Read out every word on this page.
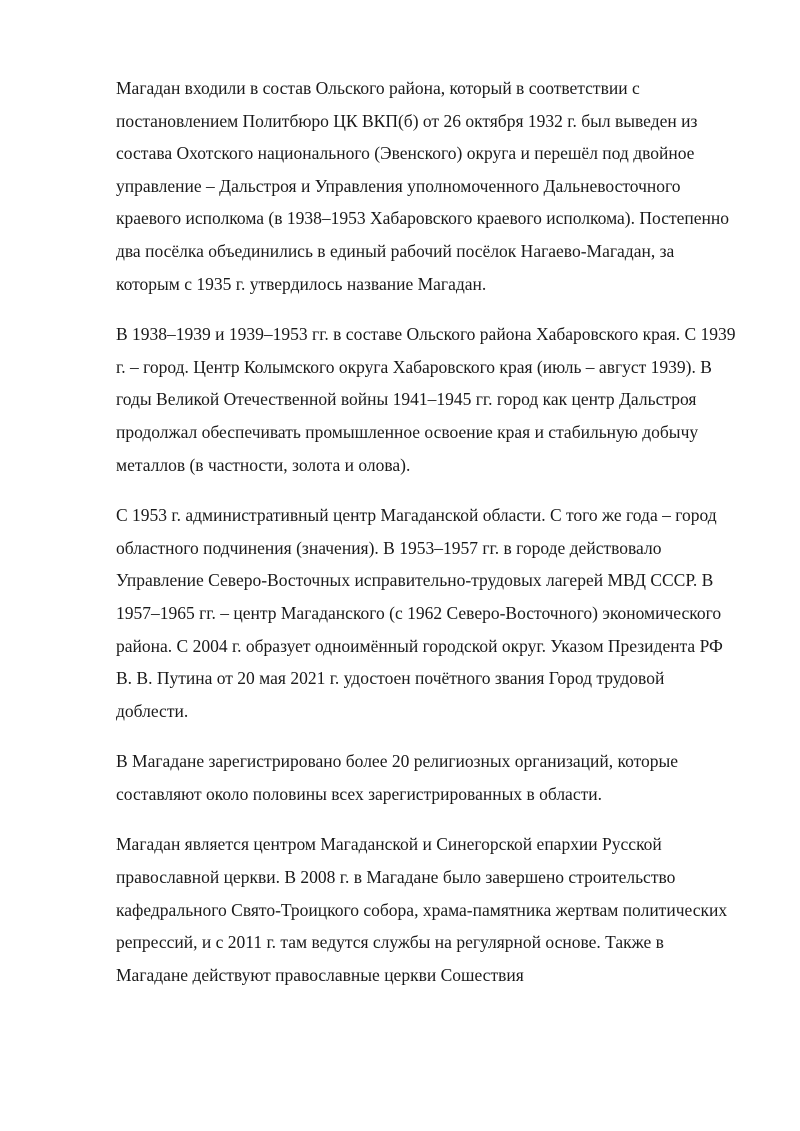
Магадан входили в состав Ольского района, который в соответствии с постановлением Политбюро ЦК ВКП(б) от 26 октября 1932 г. был выведен из состава Охотского национального (Эвенского) округа и перешёл под двойное управление – Дальстроя и Управления уполномоченного Дальневосточного краевого исполкома (в 1938–1953 Хабаровского краевого исполкома). Постепенно два посёлка объединились в единый рабочий посёлок Нагаево-Магадан, за которым с 1935 г. утвердилось название Магадан.

В 1938–1939 и 1939–1953 гг. в составе Ольского района Хабаровского края. С 1939 г. – город. Центр Колымского округа Хабаровского края (июль – август 1939). В годы Великой Отечественной войны 1941–1945 гг. город как центр Дальстроя продолжал обеспечивать промышленное освоение края и стабильную добычу металлов (в частности, золота и олова).

С 1953 г. административный центр Магаданской области. С того же года – город областного подчинения (значения). В 1953–1957 гг. в городе действовало Управление Северо-Восточных исправительно-трудовых лагерей МВД СССР. В 1957–1965 гг. – центр Магаданского (с 1962 Северо-Восточного) экономического района. С 2004 г. образует одноимённый городской округ. Указом Президента РФ В. В. Путина от 20 мая 2021 г. удостоен почётного звания Город трудовой доблести.

В Магадане зарегистрировано более 20 религиозных организаций, которые составляют около половины всех зарегистрированных в области.

Магадан является центром Магаданской и Синегорской епархии Русской православной церкви. В 2008 г. в Магадане было завершено строительство кафедрального Свято-Троицкого собора, храма-памятника жертвам политических репрессий, и с 2011 г. там ведутся службы на регулярной основе. Также в Магадане действуют православные церкви Сошествия
